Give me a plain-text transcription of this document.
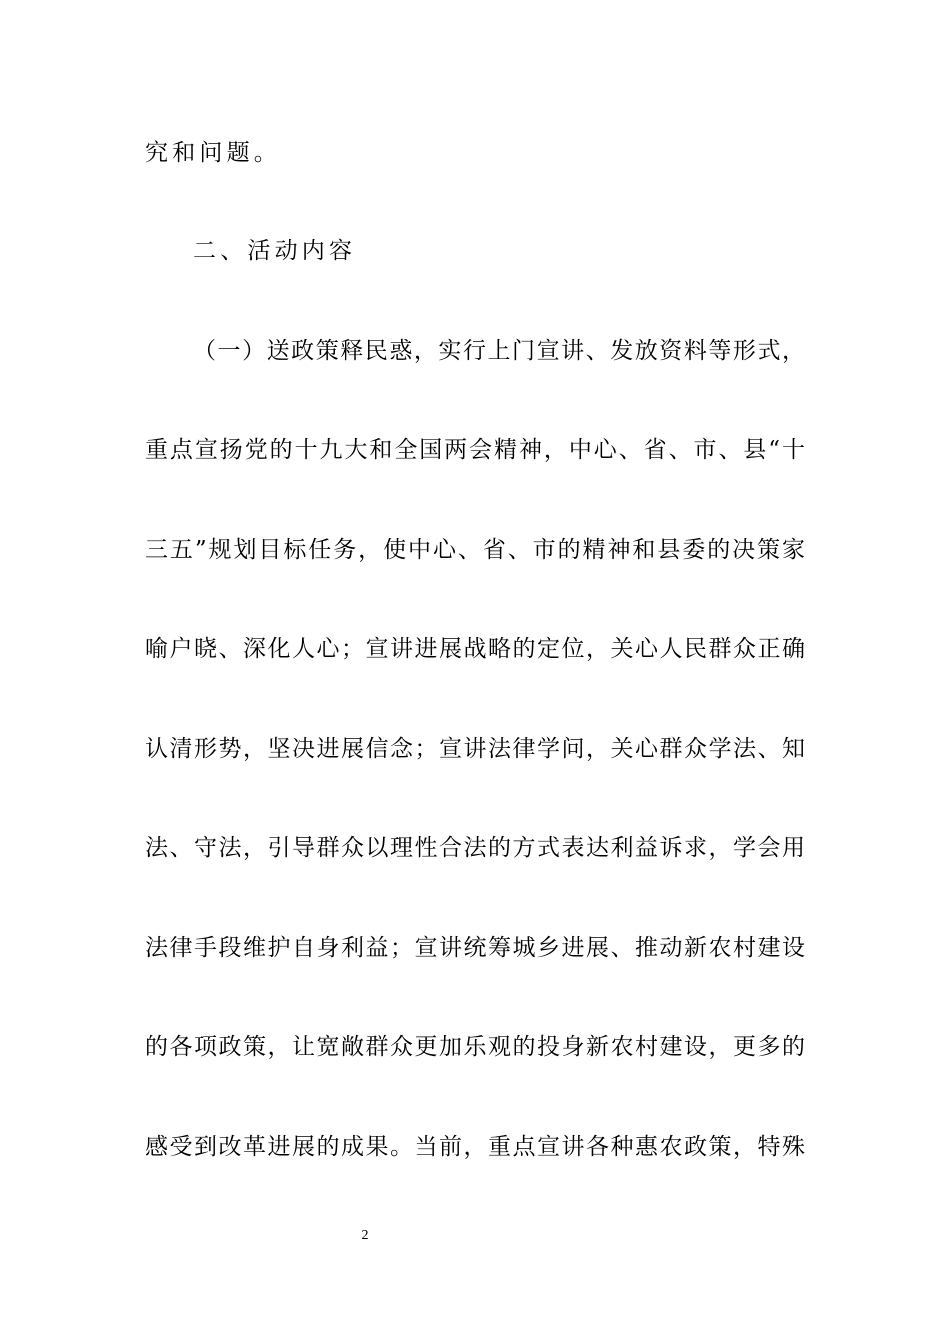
究和问题。
二、活动内容
（一）送政策释民惑，实行上门宣讲、发放资料等形式，
重点宣扬党的十九大和全国两会精神，中心、省、市、县“十
三五”规划目标任务，使中心、省、市的精神和县委的决策家
喻户晓、深化人心；宣讲进展战略的定位，关心人民群众正确
认清形势，坚决进展信念；宣讲法律学问，关心群众学法、知
法、守法，引导群众以理性合法的方式表达利益诉求，学会用
法律手段维护自身利益；宣讲统筹城乡进展、推动新农村建设
的各项政策，让宽敞群众更加乐观的投身新农村建设，更多的
感受到改革进展的成果。当前，重点宣讲各种惠农政策，特殊
2
